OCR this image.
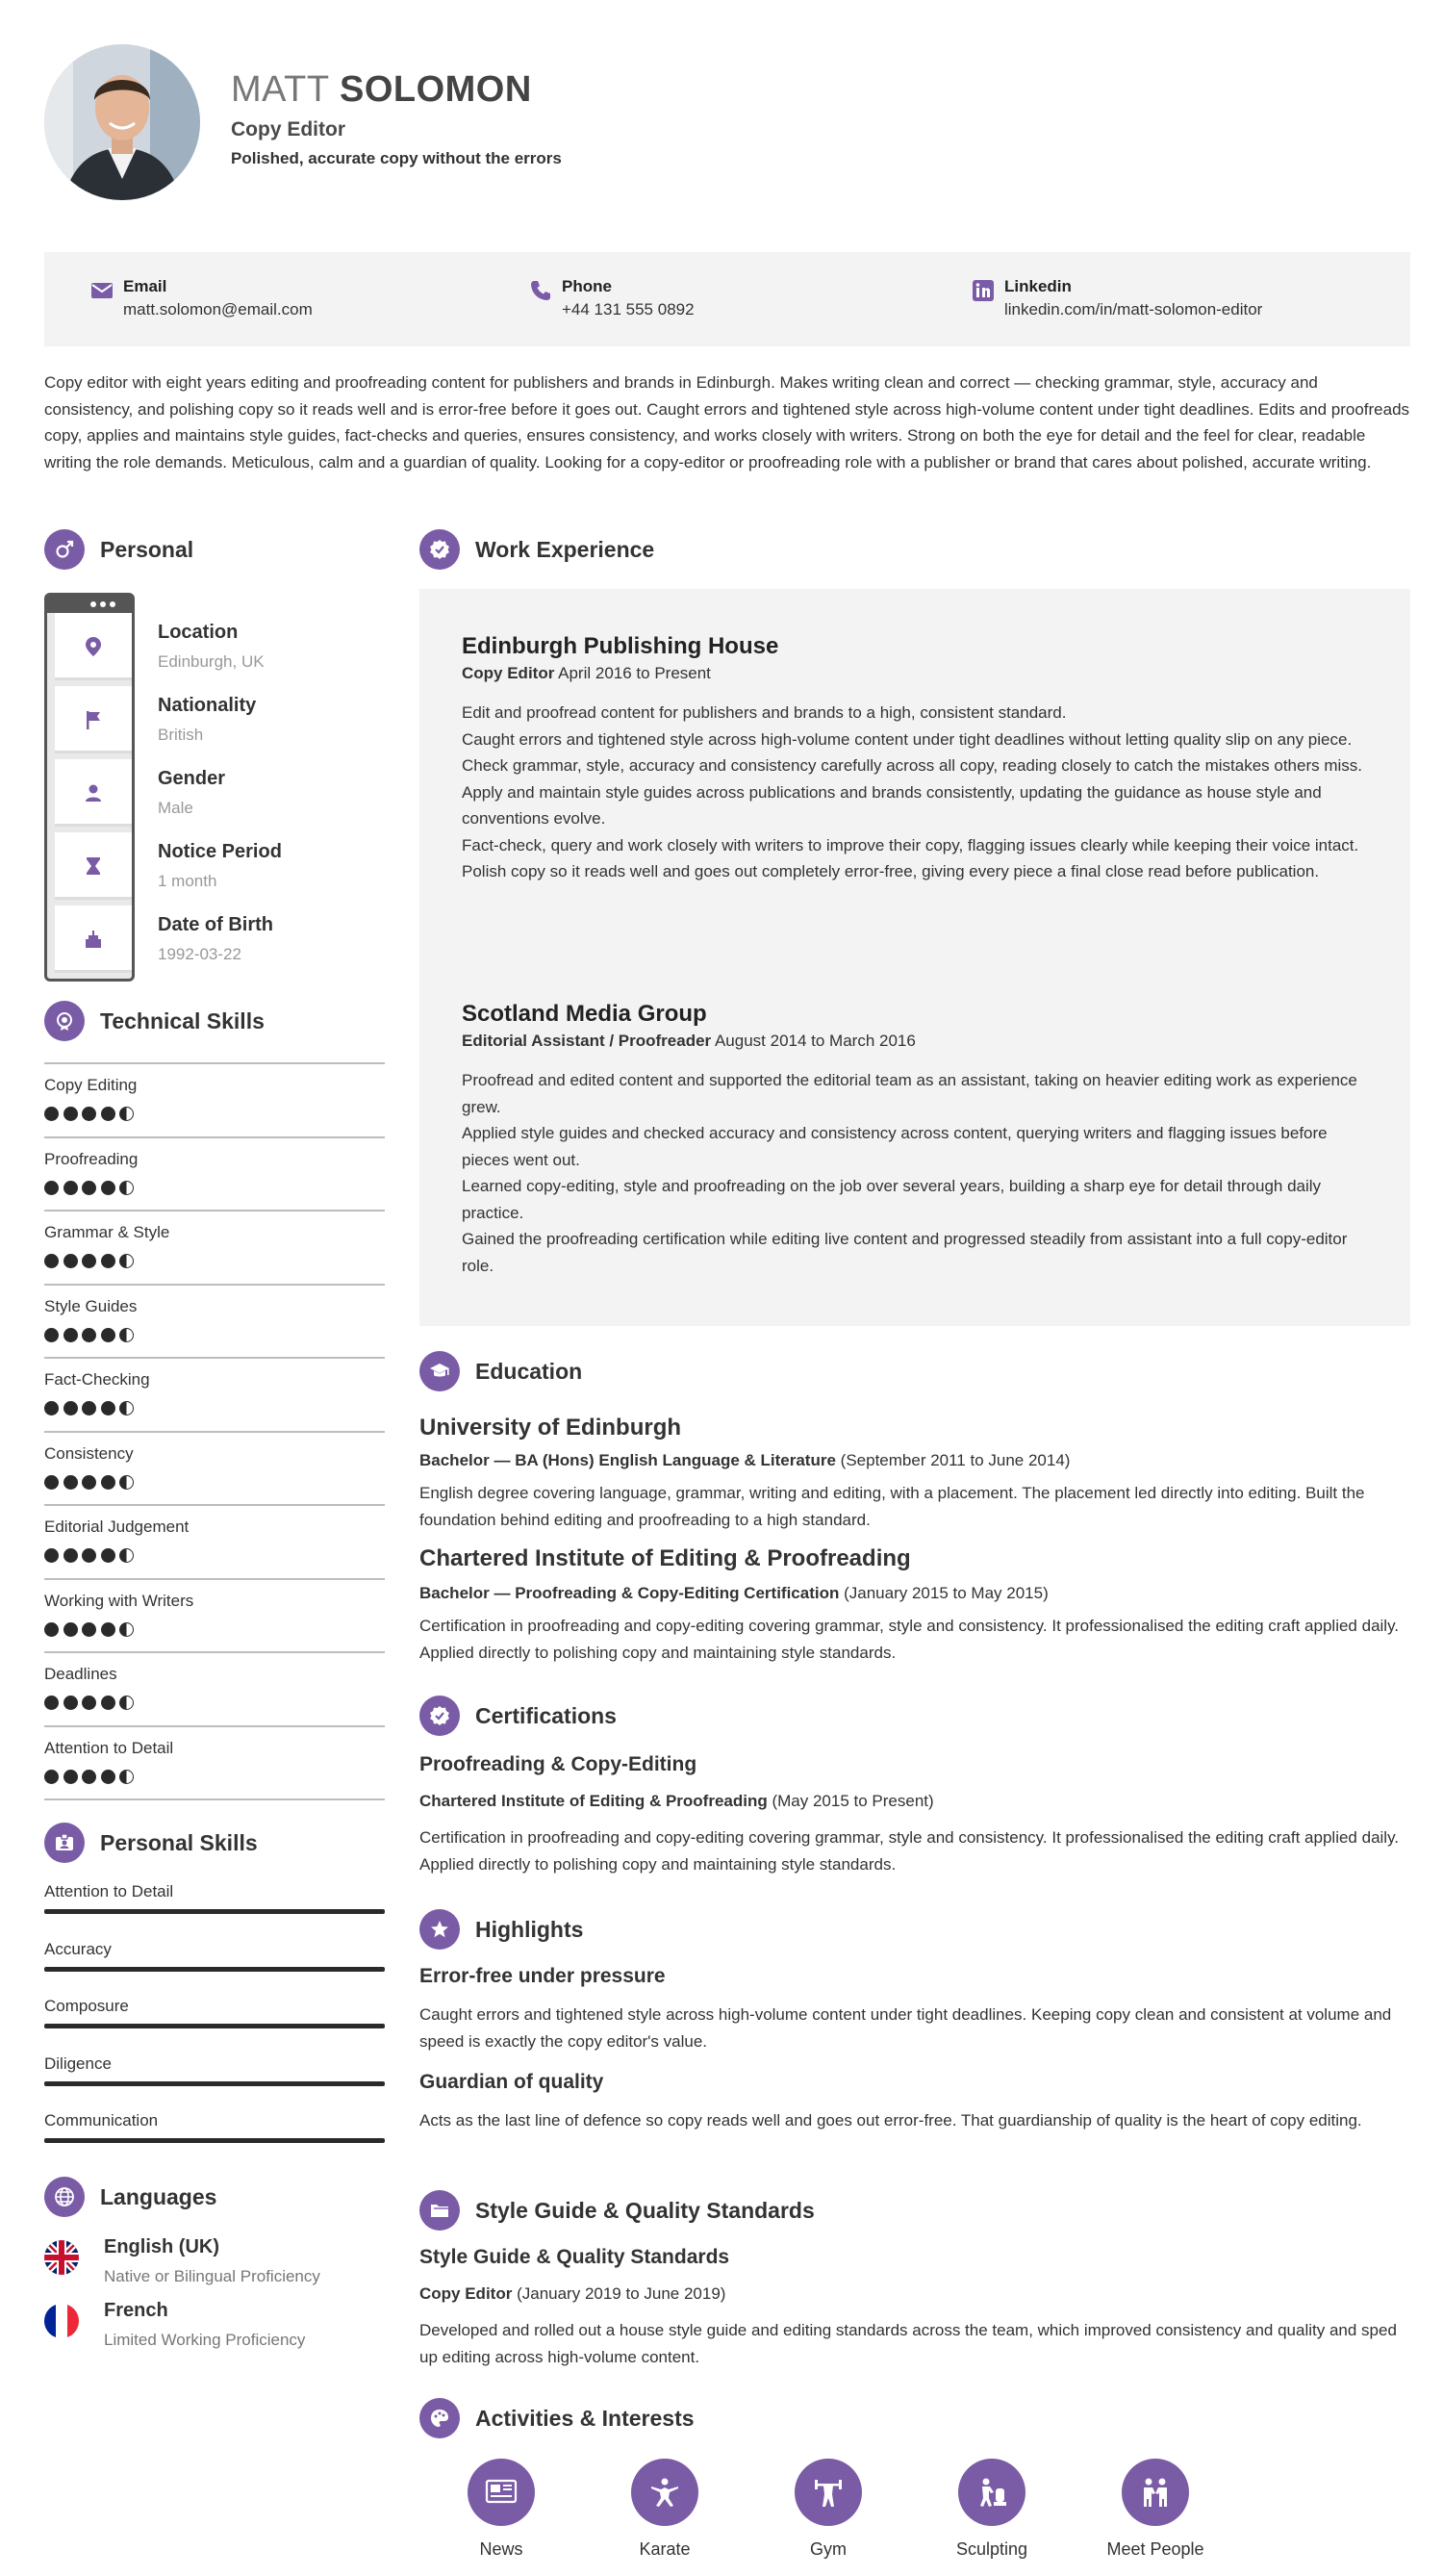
MATT SOLOMON
Copy Editor
Polished, accurate copy without the errors
Email
matt.solomon@email.com
Phone
+44 131 555 0892
Linkedin
linkedin.com/in/matt-solomon-editor
Copy editor with eight years editing and proofreading content for publishers and brands in Edinburgh. Makes writing clean and correct — checking grammar, style, accuracy and consistency, and polishing copy so it reads well and is error-free before it goes out. Caught errors and tightened style across high-volume content under tight deadlines. Edits and proofreads copy, applies and maintains style guides, fact-checks and queries, ensures consistency, and works closely with writers. Strong on both the eye for detail and the feel for clear, readable writing the role demands. Meticulous, calm and a guardian of quality. Looking for a copy-editor or proofreading role with a publisher or brand that cares about polished, accurate writing.
Personal
Location
Edinburgh, UK
Nationality
British
Gender
Male
Notice Period
1 month
Date of Birth
1992-03-22
Technical Skills
Copy Editing
Proofreading
Grammar & Style
Style Guides
Fact-Checking
Consistency
Editorial Judgement
Working with Writers
Deadlines
Attention to Detail
Personal Skills
Attention to Detail
Accuracy
Composure
Diligence
Communication
Languages
English (UK)
Native or Bilingual Proficiency
French
Limited Working Proficiency
Work Experience
Edinburgh Publishing House
Copy Editor April 2016 to Present
Edit and proofread content for publishers and brands to a high, consistent standard.
Caught errors and tightened style across high-volume content under tight deadlines without letting quality slip on any piece.
Check grammar, style, accuracy and consistency carefully across all copy, reading closely to catch the mistakes others miss.
Apply and maintain style guides across publications and brands consistently, updating the guidance as house style and conventions evolve.
Fact-check, query and work closely with writers to improve their copy, flagging issues clearly while keeping their voice intact.
Polish copy so it reads well and goes out completely error-free, giving every piece a final close read before publication.
Scotland Media Group
Editorial Assistant / Proofreader August 2014 to March 2016
Proofread and edited content and supported the editorial team as an assistant, taking on heavier editing work as experience grew.
Applied style guides and checked accuracy and consistency across content, querying writers and flagging issues before pieces went out.
Learned copy-editing, style and proofreading on the job over several years, building a sharp eye for detail through daily practice.
Gained the proofreading certification while editing live content and progressed steadily from assistant into a full copy-editor role.
Education
University of Edinburgh
Bachelor — BA (Hons) English Language & Literature (September 2011 to June 2014)
English degree covering language, grammar, writing and editing, with a placement. The placement led directly into editing. Built the foundation behind editing and proofreading to a high standard.
Chartered Institute of Editing & Proofreading
Bachelor — Proofreading & Copy-Editing Certification (January 2015 to May 2015)
Certification in proofreading and copy-editing covering grammar, style and consistency. It professionalised the editing craft applied daily. Applied directly to polishing copy and maintaining style standards.
Certifications
Proofreading & Copy-Editing
Chartered Institute of Editing & Proofreading (May 2015 to Present)
Certification in proofreading and copy-editing covering grammar, style and consistency. It professionalised the editing craft applied daily. Applied directly to polishing copy and maintaining style standards.
Highlights
Error-free under pressure
Caught errors and tightened style across high-volume content under tight deadlines. Keeping copy clean and consistent at volume and speed is exactly the copy editor's value.
Guardian of quality
Acts as the last line of defence so copy reads well and goes out error-free. That guardianship of quality is the heart of copy editing.
Style Guide & Quality Standards
Style Guide & Quality Standards
Copy Editor (January 2019 to June 2019)
Developed and rolled out a house style guide and editing standards across the team, which improved consistency and quality and sped up editing across high-volume content.
Activities & Interests
News	Karate	Gym	Sculpting	Meet People
